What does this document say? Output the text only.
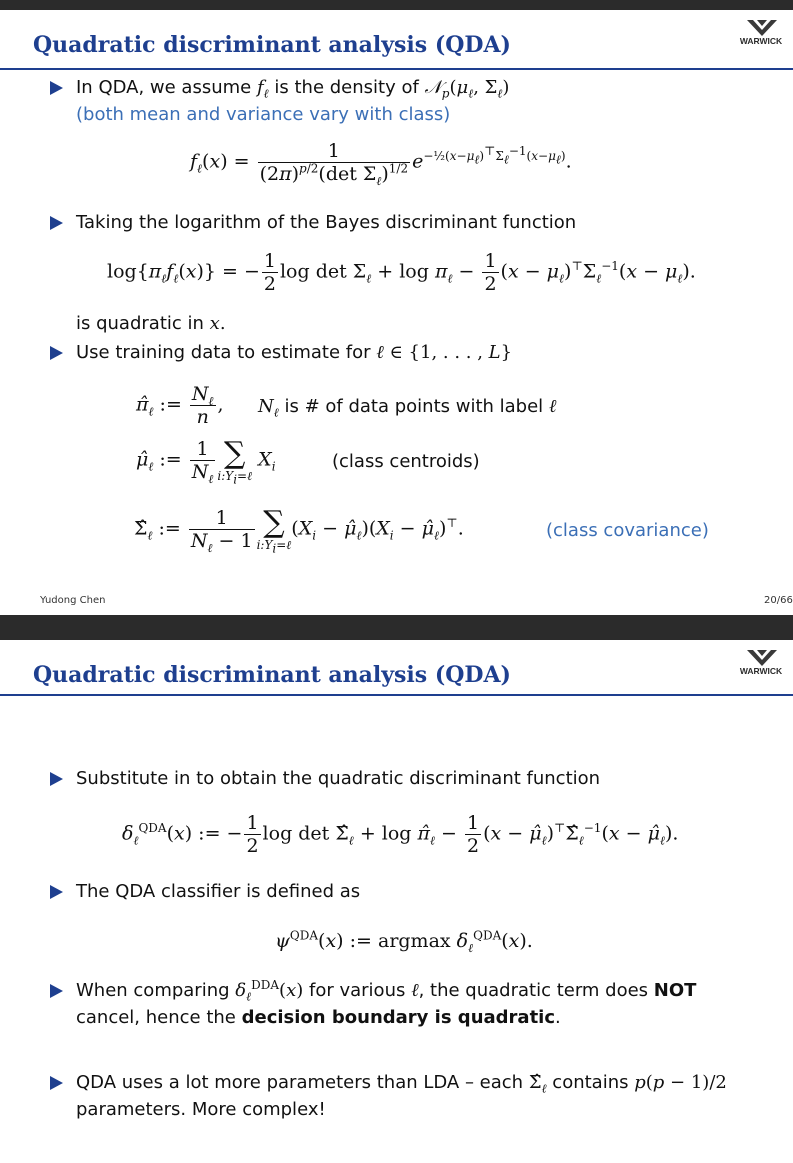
Quadratic discriminant analysis (QDA)	WARWICK
In QDA, we assume $f_\ell$ is the density of $𝒩_p(\mu_\ell$, $\Sigma_\ell$)
(both mean and variance vary with class)
$f_\ell(x) = \frac{1}{(2\pi)^{p/2}(\det \Sigma_\ell)^{1/2}} e^{-\frac{1}{2}(x-\mu_\ell)^⊤\Sigma_\ell^{-1}(x-\mu_\ell)}$.
Taking the logarithm of the Bayes discriminant function
$\log\{\pi_\ell f_\ell(x)\}$ = − $\frac{1}{2}$ $\log \det \Sigma_\ell + \log \pi_\ell - \frac{1}{2} (x - \mu_\ell)^⊤\Sigma_\ell^{-1}(x - \mu_\ell)$.
is quadratic in x.
Use training data to estimate for ℓ ∈ {1, . . . , L}
$\pî_\ell$ := $\frac{N_\ell}{n}$ , $N_\ell$ is # of data points with label ℓ
$\mû_\ell$ := $\frac{1}{N_\ell}$ ∑
$i:Y_i=\ell$
$X_i$	(class centroids)
$\Sigmâ_\ell$ := $\frac{1}{N_\ell - 1}$ ∑
$i:Y_i=\ell$
($X_i$ − $\mû_\ell)(X_i$ − $\mû_\ell)^⊤$.	(class covariance)
Yudong Chen	20/66
Quadratic discriminant analysis (QDA)	WARWICK
Substitute in to obtain the quadratic discriminant function
$\delta_\ell^{QDA}(x)$ := − $\frac{1}{2}$ $\log \det \Sigmâ_\ell + \log$ $\pî_\ell - \frac{1}{2} (x$ − $\mû_\ell)^⊤\Sigmâ_\ell^{-1}(x$ − $\mû_\ell$).
The QDA classifier is defined as
$\psi^{QDA}(x)$ := argmax $\delta_\ell^{QDA}(x)$.
When comparing $\delta_\ell^{DDA}(x)$ for various ℓ, the quadratic term does NOT
cancel, hence the decision boundary is quadratic.
QDA uses a lot more parameters than LDA – each $\Sigmâ_\ell$ contains p(p − 1)/2
parameters. More complex!
